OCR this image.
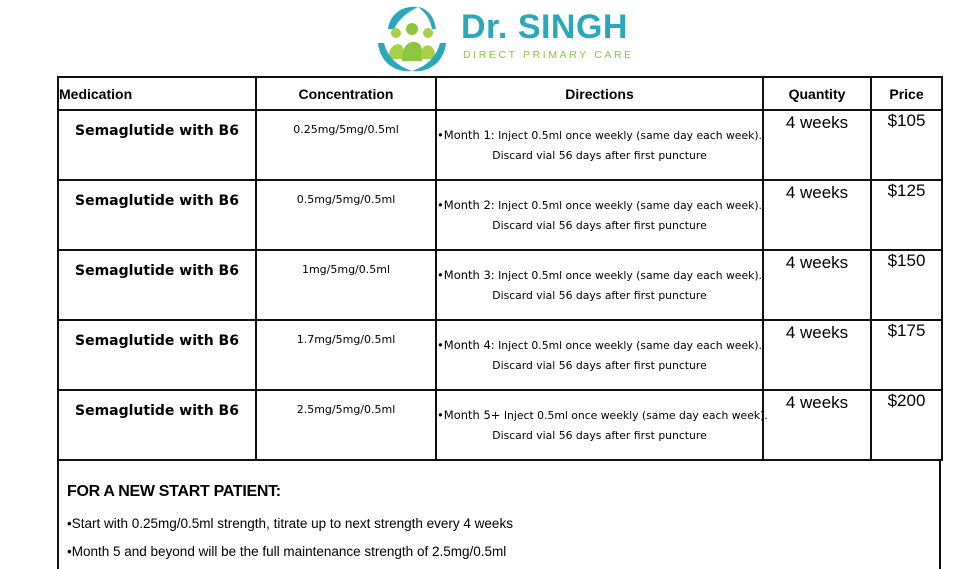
Dr. SINGH
DIRECT PRIMARY CARE
Medication	Concentration	Directions	Quantity	Price

Semaglutide with B6	0.25mg/5mg/0.5ml	•Month 1: Inject 0.5ml once weekly (same day each week).
Discard vial 56 days after first puncture	4 weeks	$105

Semaglutide with B6	0.5mg/5mg/0.5ml	•Month 2: Inject 0.5ml once weekly (same day each week).
Discard vial 56 days after first puncture	4 weeks	$125

Semaglutide with B6	1mg/5mg/0.5ml	•Month 3: Inject 0.5ml once weekly (same day each week).
Discard vial 56 days after first puncture	4 weeks	$150

Semaglutide with B6	1.7mg/5mg/0.5ml	•Month 4: Inject 0.5ml once weekly (same day each week).
Discard vial 56 days after first puncture	4 weeks	$175

Semaglutide with B6	2.5mg/5mg/0.5ml	•Month 5+ Inject 0.5ml once weekly (same day each week).
Discard vial 56 days after first puncture	4 weeks	$200
FOR A NEW START PATIENT:
•Start with 0.25mg/0.5ml strength, titrate up to next strength every 4 weeks
•Month 5 and beyond will be the full maintenance strength of 2.5mg/0.5ml
